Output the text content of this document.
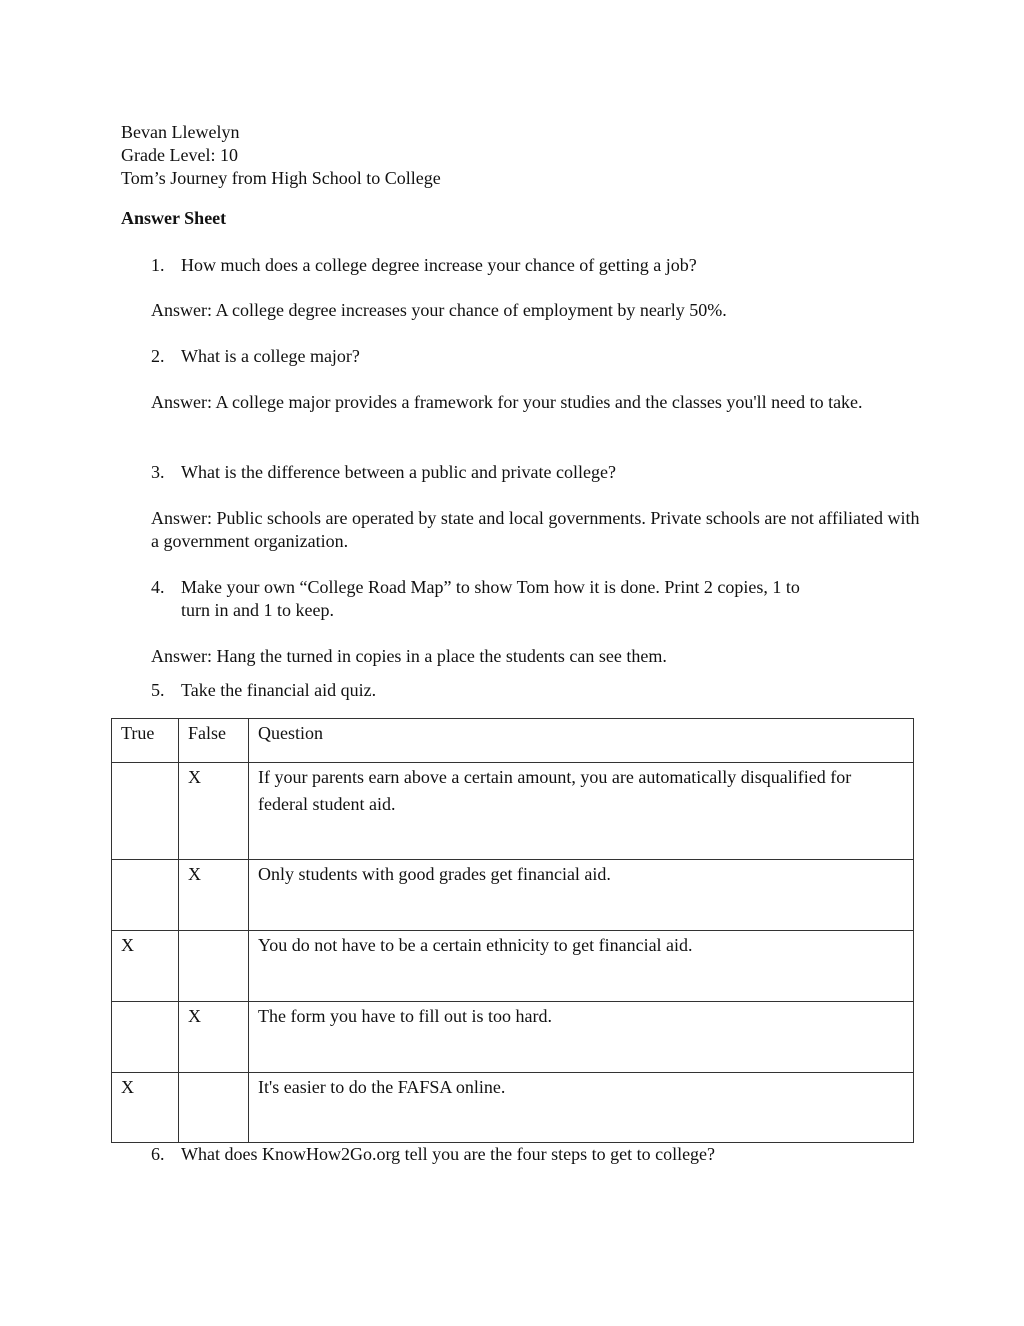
Bevan Llewelyn
Grade Level: 10
Tom’s Journey from High School to College
Answer Sheet
1. How much does a college degree increase your chance of getting a job?
Answer: A college degree increases your chance of employment by nearly 50%.
2. What is a college major?
Answer: A college major provides a framework for your studies and the classes you'll need to take.
3. What is the difference between a public and private college?
Answer: Public schools are operated by state and local governments. Private schools are not affiliated with a government organization.
4. Make your own “College Road Map” to show Tom how it is done. Print 2 copies, 1 to
turn in and 1 to keep.
Answer: Hang the turned in copies in a place the students can see them.
5. Take the financial aid quiz.
True	False	Question
	X	If your parents earn above a certain amount, you are automatically disqualified for federal student aid.
	X	Only students with good grades get financial aid.
X		You do not have to be a certain ethnicity to get financial aid.
	X	The form you have to fill out is too hard.
X		It's easier to do the FAFSA online.
6. What does KnowHow2Go.org tell you are the four steps to get to college?
